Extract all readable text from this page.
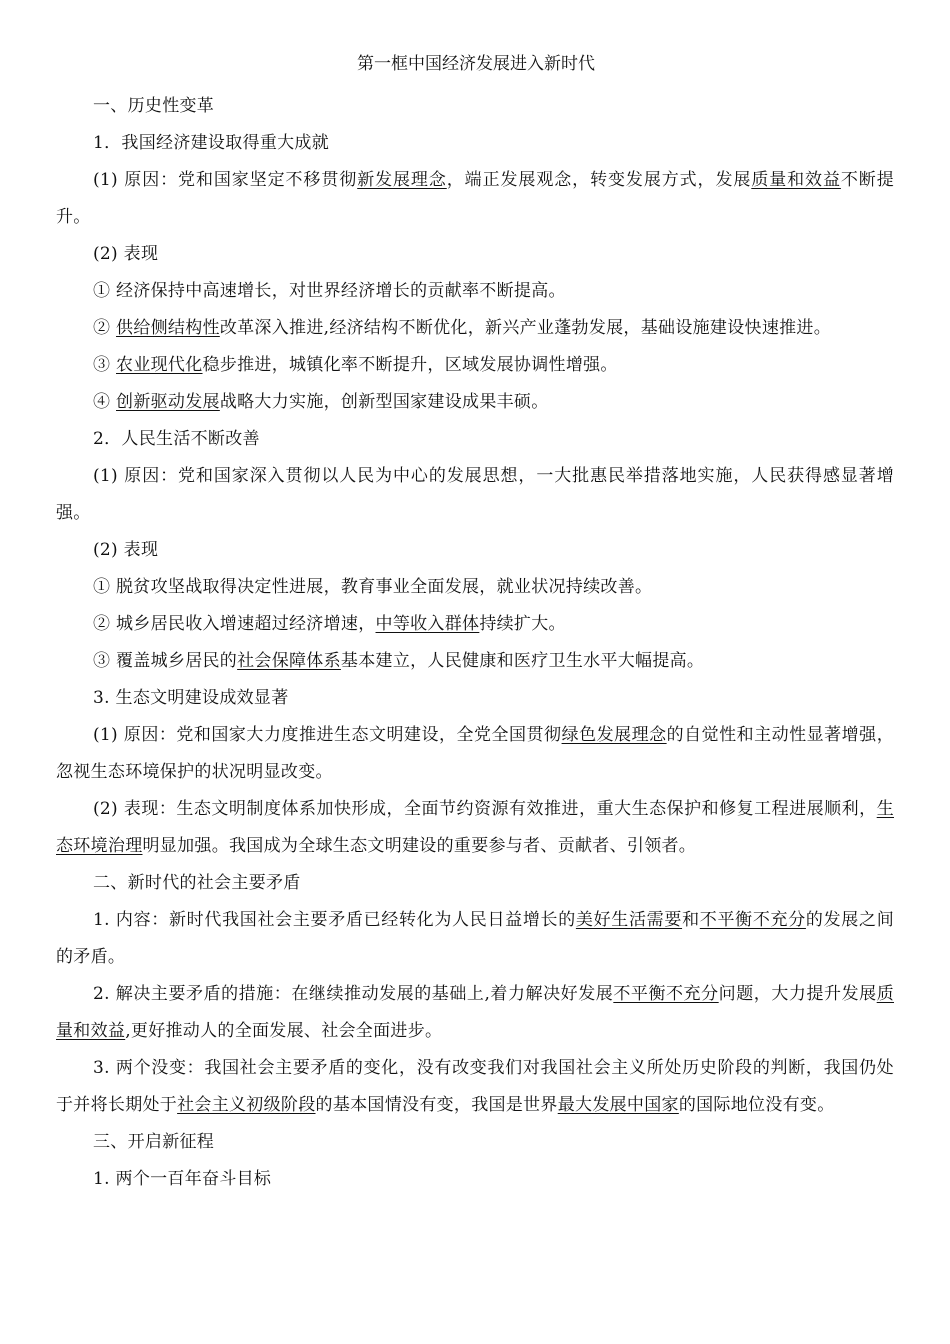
第一框中国经济发展进入新时代

一、历史性变革

1．我国经济建设取得重大成就

(1) 原因：党和国家坚定不移贯彻新发展理念，端正发展观念，转变发展方式，发展质量和效益不断提升。

(2) 表现

① 经济保持中高速增长，对世界经济增长的贡献率不断提高。

② 供给侧结构性改革深入推进,经济结构不断优化，新兴产业蓬勃发展，基础设施建设快速推进。

③ 农业现代化稳步推进，城镇化率不断提升，区域发展协调性增强。

④ 创新驱动发展战略大力实施，创新型国家建设成果丰硕。

2．人民生活不断改善

(1) 原因：党和国家深入贯彻以人民为中心的发展思想，一大批惠民举措落地实施，人民获得感显著增强。

(2) 表现

① 脱贫攻坚战取得决定性进展，教育事业全面发展，就业状况持续改善。

② 城乡居民收入增速超过经济增速，中等收入群体持续扩大。

③ 覆盖城乡居民的社会保障体系基本建立，人民健康和医疗卫生水平大幅提高。

3. 生态文明建设成效显著

(1) 原因：党和国家大力度推进生态文明建设，全党全国贯彻绿色发展理念的自觉性和主动性显著增强，忽视生态环境保护的状况明显改变。

(2) 表现：生态文明制度体系加快形成，全面节约资源有效推进，重大生态保护和修复工程进展顺利，生态环境治理明显加强。我国成为全球生态文明建设的重要参与者、贡献者、引领者。

二、新时代的社会主要矛盾

1. 内容：新时代我国社会主要矛盾已经转化为人民日益增长的美好生活需要和不平衡不充分的发展之间的矛盾。

2. 解决主要矛盾的措施：在继续推动发展的基础上,着力解决好发展不平衡不充分问题，大力提升发展质量和效益,更好推动人的全面发展、社会全面进步。

3. 两个没变：我国社会主要矛盾的变化，没有改变我们对我国社会主义所处历史阶段的判断，我国仍处于并将长期处于社会主义初级阶段的基本国情没有变，我国是世界最大发展中国家的国际地位没有变。

三、开启新征程

1. 两个一百年奋斗目标
